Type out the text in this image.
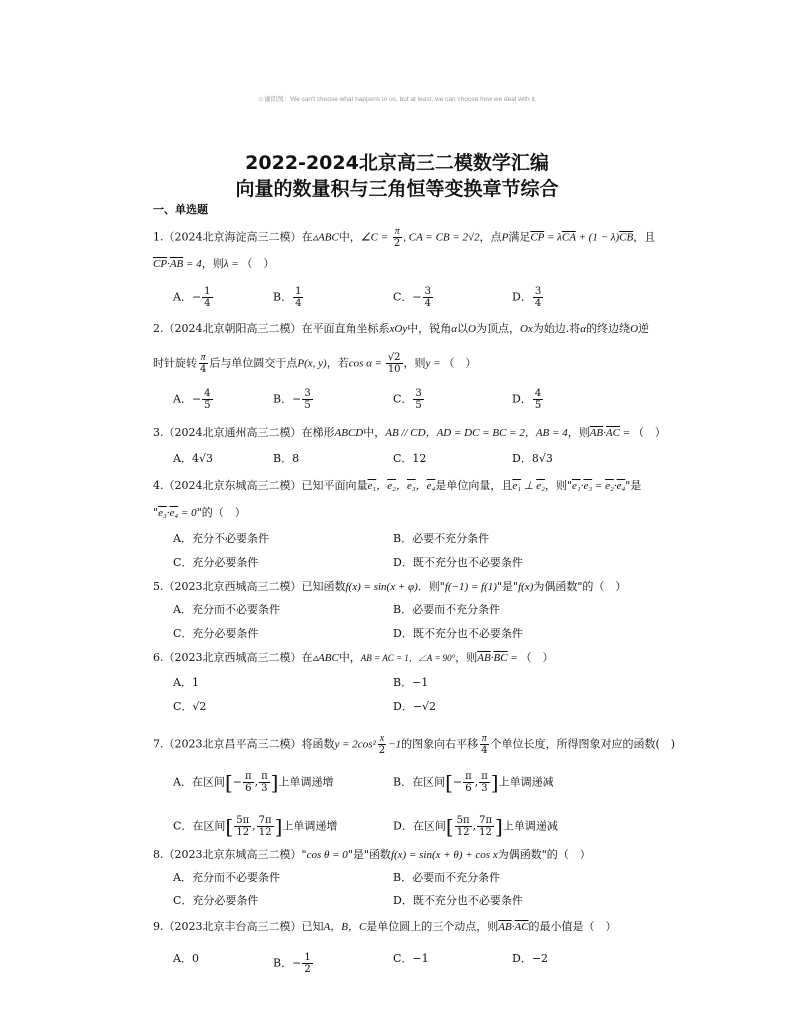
☺谦朗图：We can't choose what happens to us, but at least, we can choose how we deal with it.
2022-2024北京高三二模数学汇编
向量的数量积与三角恒等变换章节综合
一、单选题
1.（2024北京海淀高三二模）在▵ABC中，∠C = $\frac{\pi}{2}$ , CA = CB = 2√2，点P满足$\overline{CP} = \lambda\overline{CA} + (1 - \lambda)\overline{CB}$，且
$\overline{CP}\cdot\overline{AB} = 4$，则λ = （　）
A．− $\frac{1}{4}$	B． $\frac{1}{4}$	C．− $\frac{3}{4}$	D． $\frac{3}{4}$
2.（2024北京朝阳高三二模）在平面直角坐标系xOy中，锐角α以O为顶点，Ox为始边.将α的终边绕O逆
时针旋转 $\frac{\pi}{4}$ 后与单位圆交于点P(x, y)，若$\cos \alpha = \frac{√2}{10}$ ，则y = （　）
A．− $\frac{4}{5}$	B．− $\frac{3}{5}$	C． $\frac{3}{5}$	D． $\frac{4}{5}$
3.（2024北京通州高三二模）在梯形ABCD中，AB // CD，AD = DC = BC = 2，AB = 4，则$\overline{AB}\cdot\overline{AC}$ = （　）
A．4√3	B．8	C．12	D．8√3
4.（2024北京东城高三二模）已知平面向量e₁，e₂，e₃，e₄是单位向量，且e₁ ⊥ e₂，则"e₁·e₃ = e₂·e₄"是
"e₃·e₄ = 0"的（　）
A．充分不必要条件	B．必要不充分条件
C．充分必要条件	D．既不充分也不必要条件
5.（2023北京西城高三二模）已知函数f(x) = sin(x + φ)．则"f(−1) = f(1)"是"f(x)为偶函数"的（　）
A．充分而不必要条件	B．必要而不充分条件
C．充分必要条件	D．既不充分也不必要条件
6.（2023北京西城高三二模）在▵ABC中，AB = AC = 1，∠A = 90°，则$\overline{AB}\cdot\overline{BC}$ = （　）
A．1	B．−1
C．√2	D．−√2
7.（2023北京昌平高三二模）将函数$y = 2\cos^2 \frac{x}{2} -1$的图象向右平移 $\frac{\pi}{4}$ 个单位长度，所得图象对应的函数(　)
A．在区间[− $\frac{\pi}{6}$ , $\frac{\pi}{3}$ ]上单调递增	B．在区间[− $\frac{\pi}{6}$ , $\frac{\pi}{3}$ ]上单调递减
C．在区间[ $\frac{5\pi}{12}$ , $\frac{7\pi}{12}$ ]上单调递增	D．在区间[ $\frac{5\pi}{12}$ , $\frac{7\pi}{12}$ ]上单调递减
8.（2023北京东城高三二模）"cos θ = 0"是"函数f(x) = sin(x + θ) + cos x为偶函数"的（　）
A．充分而不必要条件	B．必要而不充分条件
C．充分必要条件	D．既不充分也不必要条件
9.（2023北京丰台高三二模）已知A，B，C是单位圆上的三个动点，则$\overline{AB}\cdot\overline{AC}$的最小值是（　）
A．0	B．− $\frac{1}{2}$	C．−1	D．−2
